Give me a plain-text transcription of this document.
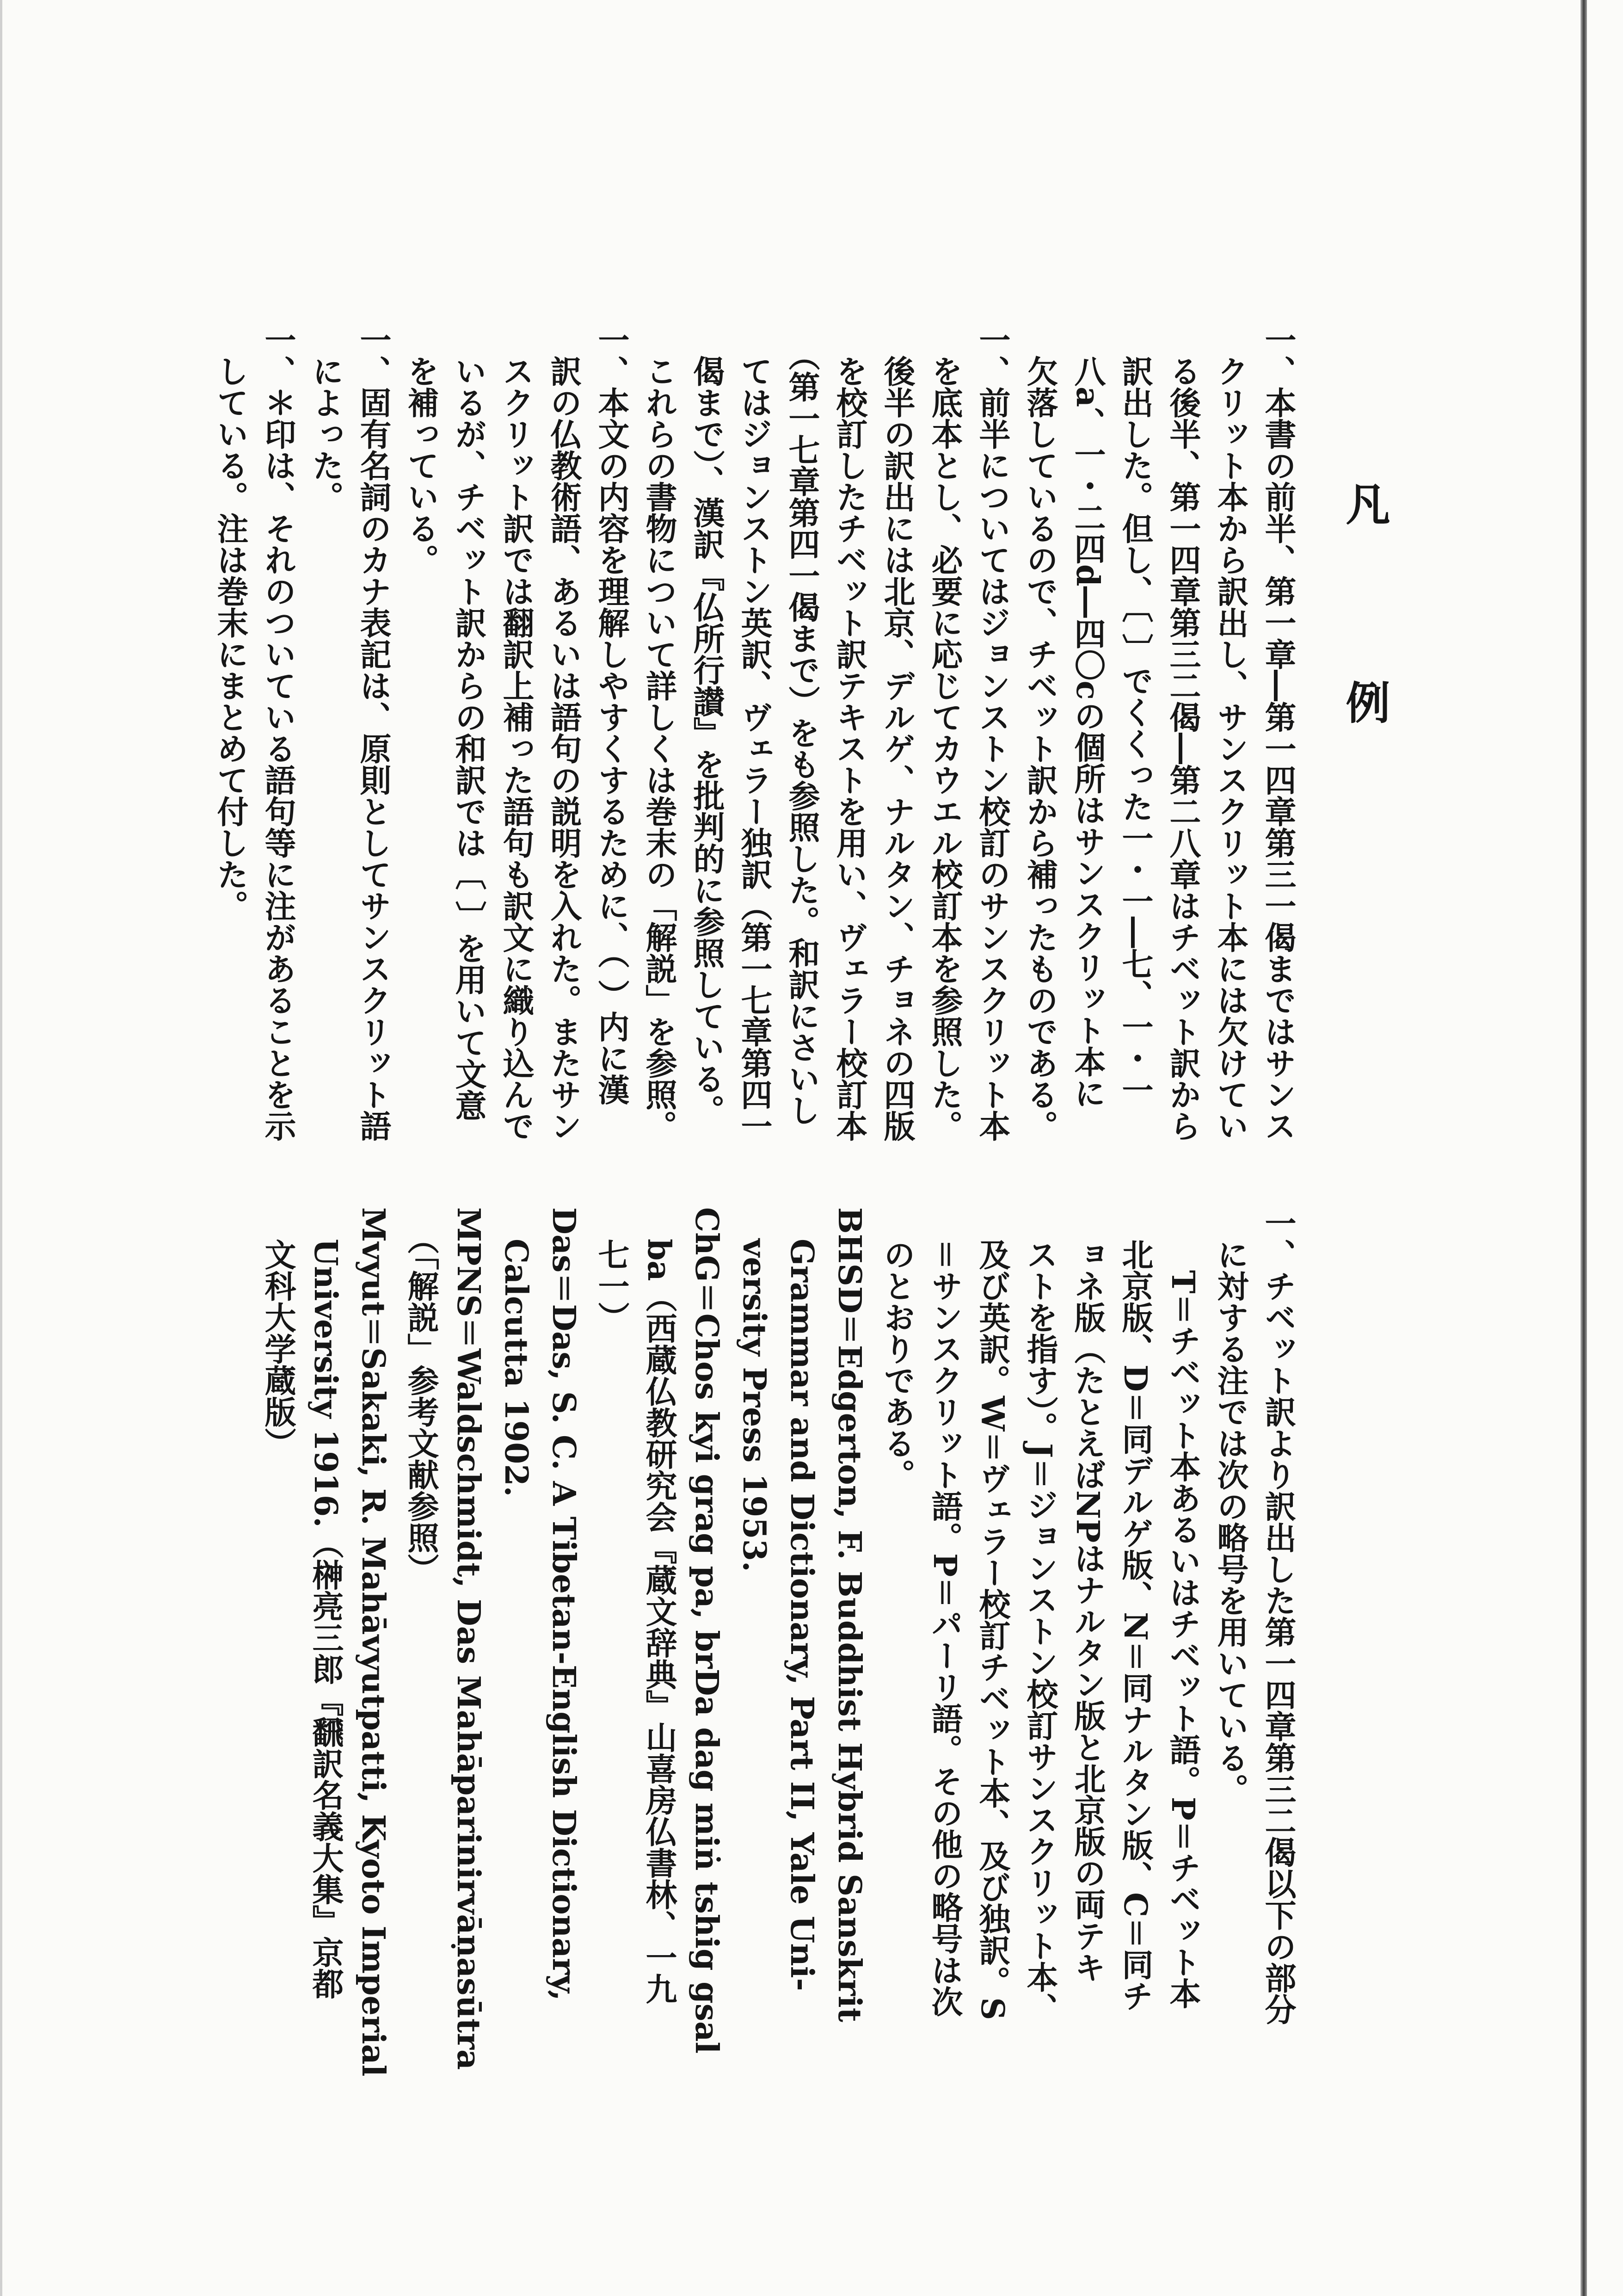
凡 例
一、本書の前半、第一章―第一四章第三一偈まではサンス
　クリット本から訳出し、サンスクリット本には欠けてい
　る後半、第一四章第三二偈―第二八章はチベット訳から
　訳出した。但し、〔 〕でくくった一・一―七、一・一
　八a、一・二四d―四〇cの個所はサンスクリット本に
　欠落しているので、チベット訳から補ったものである。
一、前半についてはジョンストン校訂のサンスクリット本
　を底本とし、必要に応じてカウエル校訂本を参照した。
　後半の訳出には北京、デルゲ、ナルタン、チョネの四版
　を校訂したチベット訳テキストを用い、ヴェラー校訂本
　（第一七章第四一偈まで）をも参照した。和訳にさいし
　てはジョンストン英訳、ヴェラー独訳（第一七章第四一
　偈まで）、漢訳『仏所行讃』を批判的に参照している。
　これらの書物について詳しくは巻末の「解説」を参照。
一、本文の内容を理解しやすくするために、（ ）内に漢
　訳の仏教術語、あるいは語句の説明を入れた。またサン
　スクリット訳では翻訳上補った語句も訳文に織り込んで
　いるが、チベット訳からの和訳では〔 〕を用いて文意
　を補っている。
一、固有名詞のカナ表記は、原則としてサンスクリット語
　によった。
一、＊印は、それのついている語句等に注があることを示
　している。注は巻末にまとめて付した。
一、チベット訳より訳出した第一四章第三二偈以下の部分
　に対する注では次の略号を用いている。
　　T＝チベット本あるいはチベット語。P＝チベット本
　北京版、D＝同デルゲ版、N＝同ナルタン版、C＝同チ
　ョネ版（たとえばNPはナルタン版と北京版の両テキ
　ストを指す）。J＝ジョンストン校訂サンスクリット本、
　及び英訳。W＝ヴェラー校訂チベット本、及び独訳。S
　＝サンスクリット語。P＝パーリ語。その他の略号は次
　のとおりである。
BHSD＝Edgerton, F. Buddhist Hybrid Sanskrit
　Grammar and Dictionary, Part II, Yale Uni-
　versity Press 1953.
ChG＝Chos kyi grag pa, brDa dag miṅ tshig gsal
　ba（西蔵仏教研究会『蔵文辞典』山喜房仏書林、一九
　七一）
Das＝Das, S. C. A Tibetan-English Dictionary,
　Calcutta 1902.
MPNS＝Waldschmidt, Das Mahāparinirvāṇasūtra
　（「解説」参考文献参照）
Mvyut＝Sakaki, R. Mahāvyutpatti, Kyoto Imperial
　University 1916.（榊亮三郎『飜訳名義大集』京都
　文科大学蔵版）
